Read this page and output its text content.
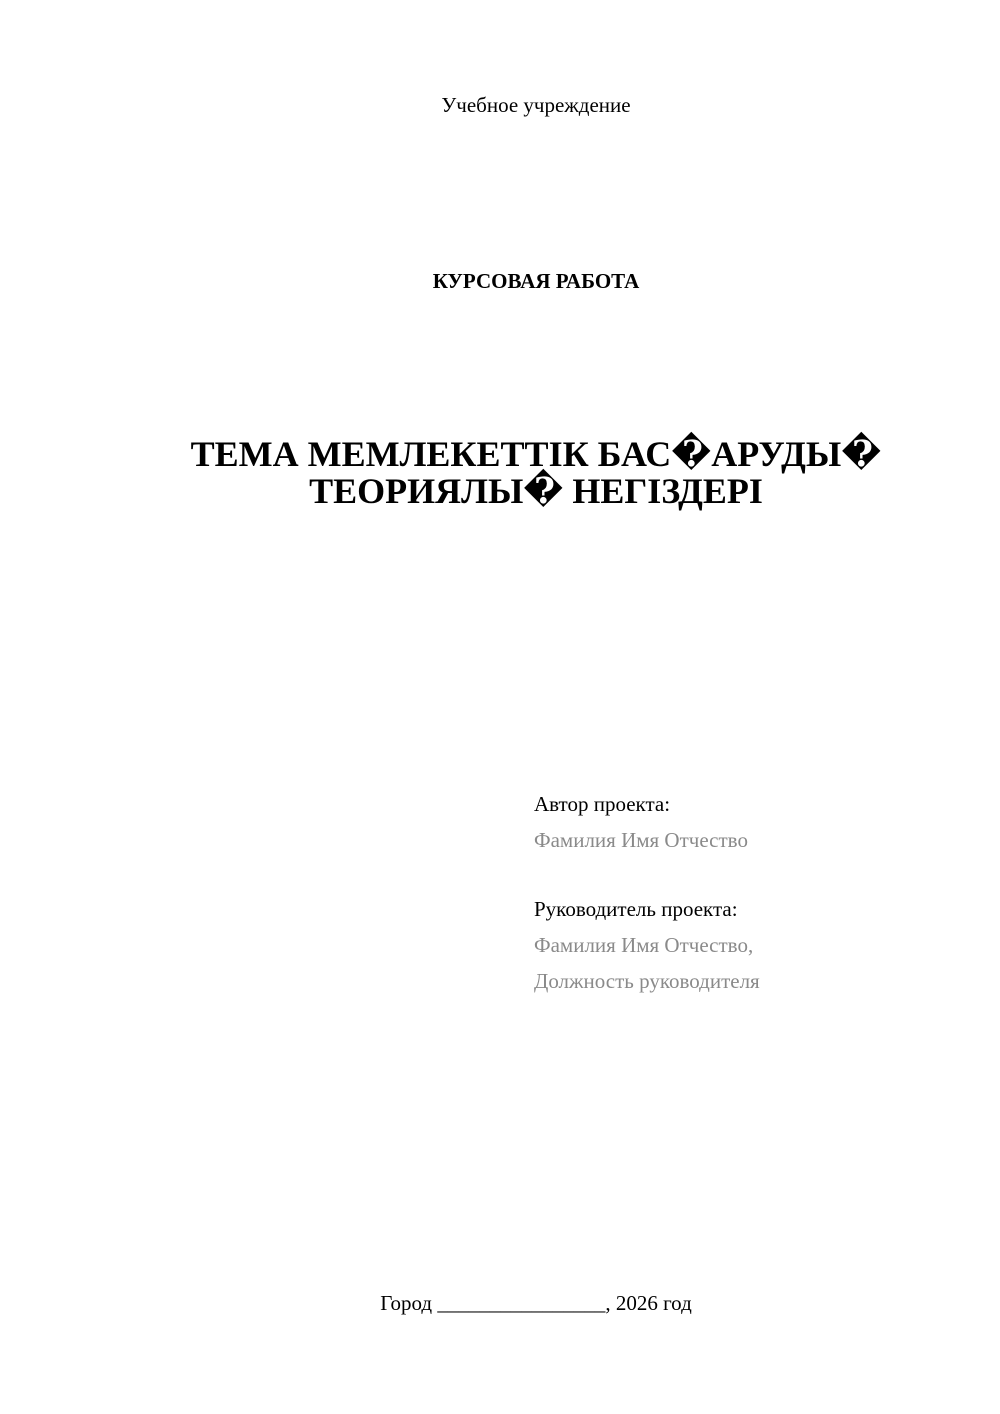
Учебное учреждение
КУРСОВАЯ РАБОТА
ТЕМА МЕМЛЕКЕТТІК БАС�АРУДЫ�
ТЕОРИЯЛЫ� НЕГІЗДЕРІ
Автор проекта:
Фамилия Имя Отчество
Руководитель проекта:
Фамилия Имя Отчество,
Должность руководителя
Город ________________, 2026 год
